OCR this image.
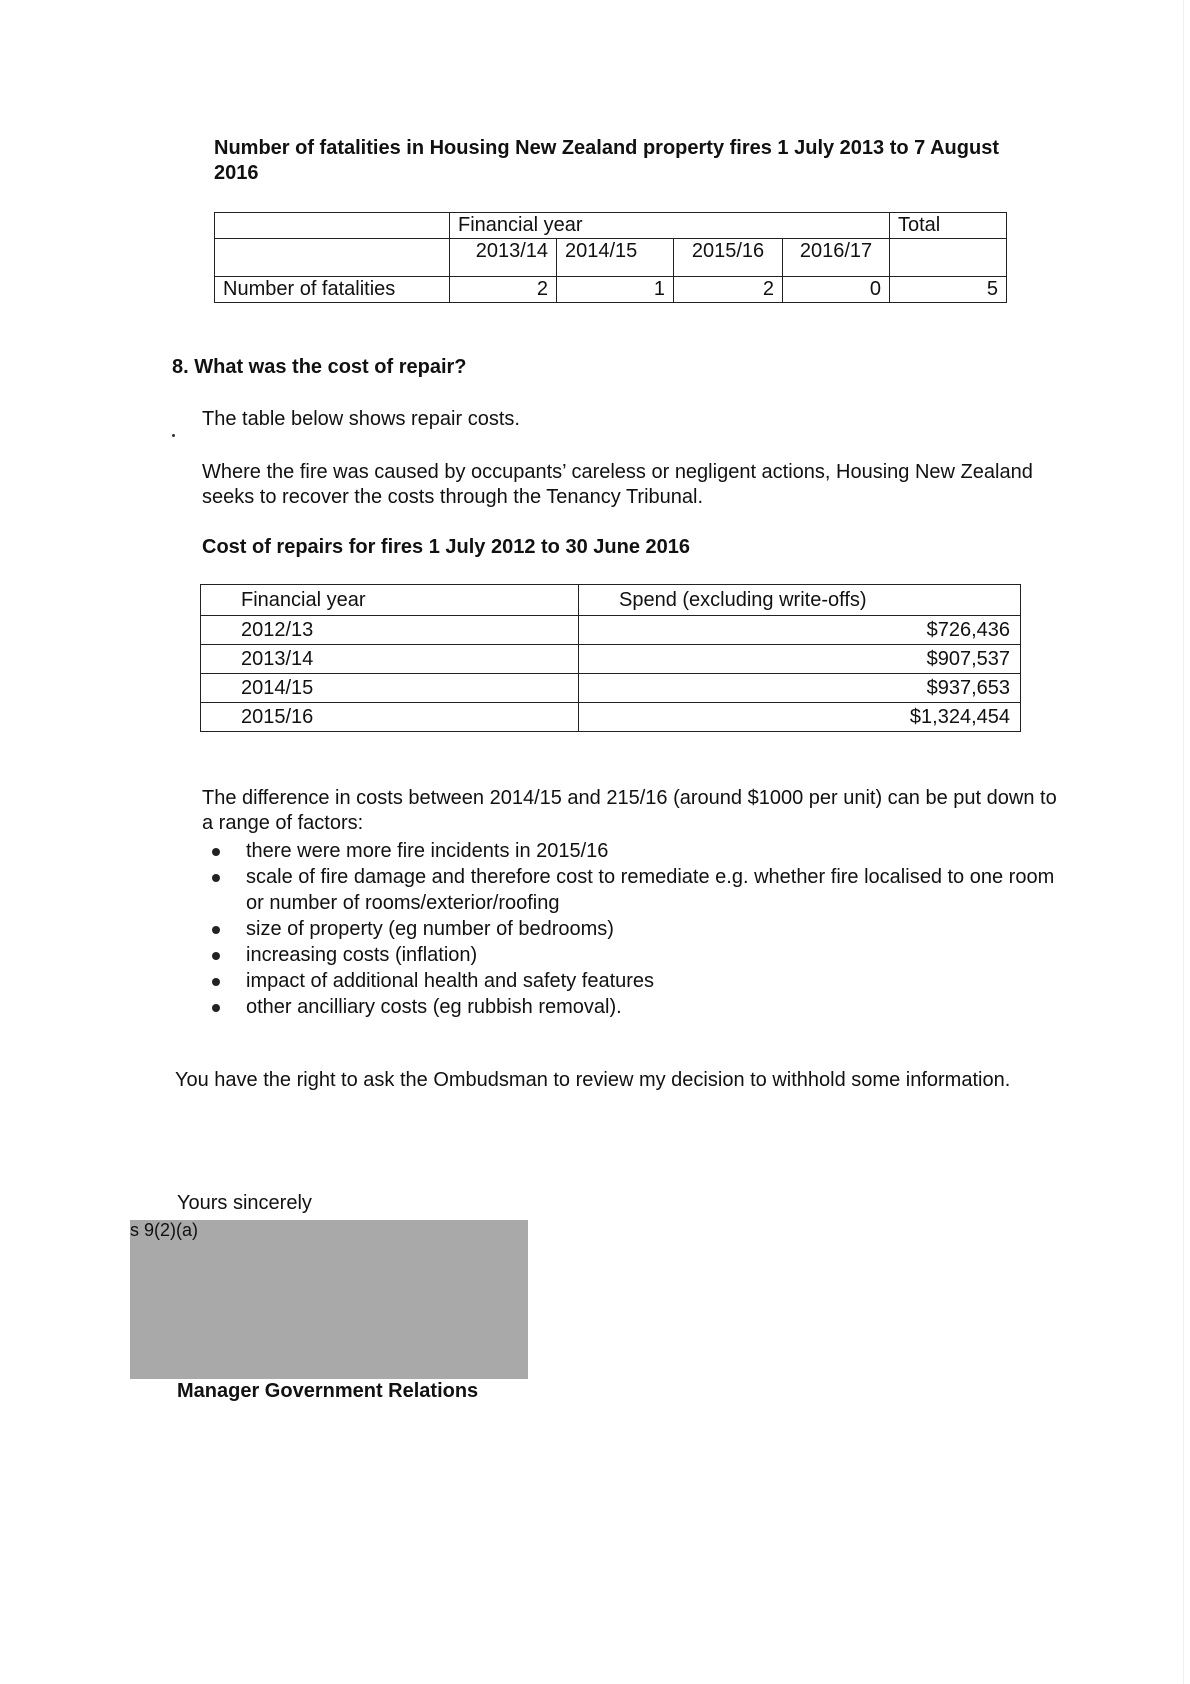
Number of fatalities in Housing New Zealand property fires 1 July 2013 to 7 August 2016
	Financial year				Total
	2013/14	2014/15	2015/16	2016/17	
Number of fatalities	2	1	2	0	5
8. What was the cost of repair?
The table below shows repair costs.
Where the fire was caused by occupants’ careless or negligent actions, Housing New Zealand seeks to recover the costs through the Tenancy Tribunal.
Cost of repairs for fires 1 July 2012 to 30 June 2016
Financial year	Spend (excluding write-offs)
2012/13	$726,436
2013/14	$907,537
2014/15	$937,653
2015/16	$1,324,454
The difference in costs between 2014/15 and 215/16 (around $1000 per unit) can be put down to a range of factors:
there were more fire incidents in 2015/16
scale of fire damage and therefore cost to remediate e.g. whether fire localised to one room or number of rooms/exterior/roofing
size of property (eg number of bedrooms)
increasing costs (inflation)
impact of additional health and safety features
other ancilliary costs (eg rubbish removal).
You have the right to ask the Ombudsman to review my decision to withhold some information.
Yours sincerely
s 9(2)(a)
Manager Government Relations
